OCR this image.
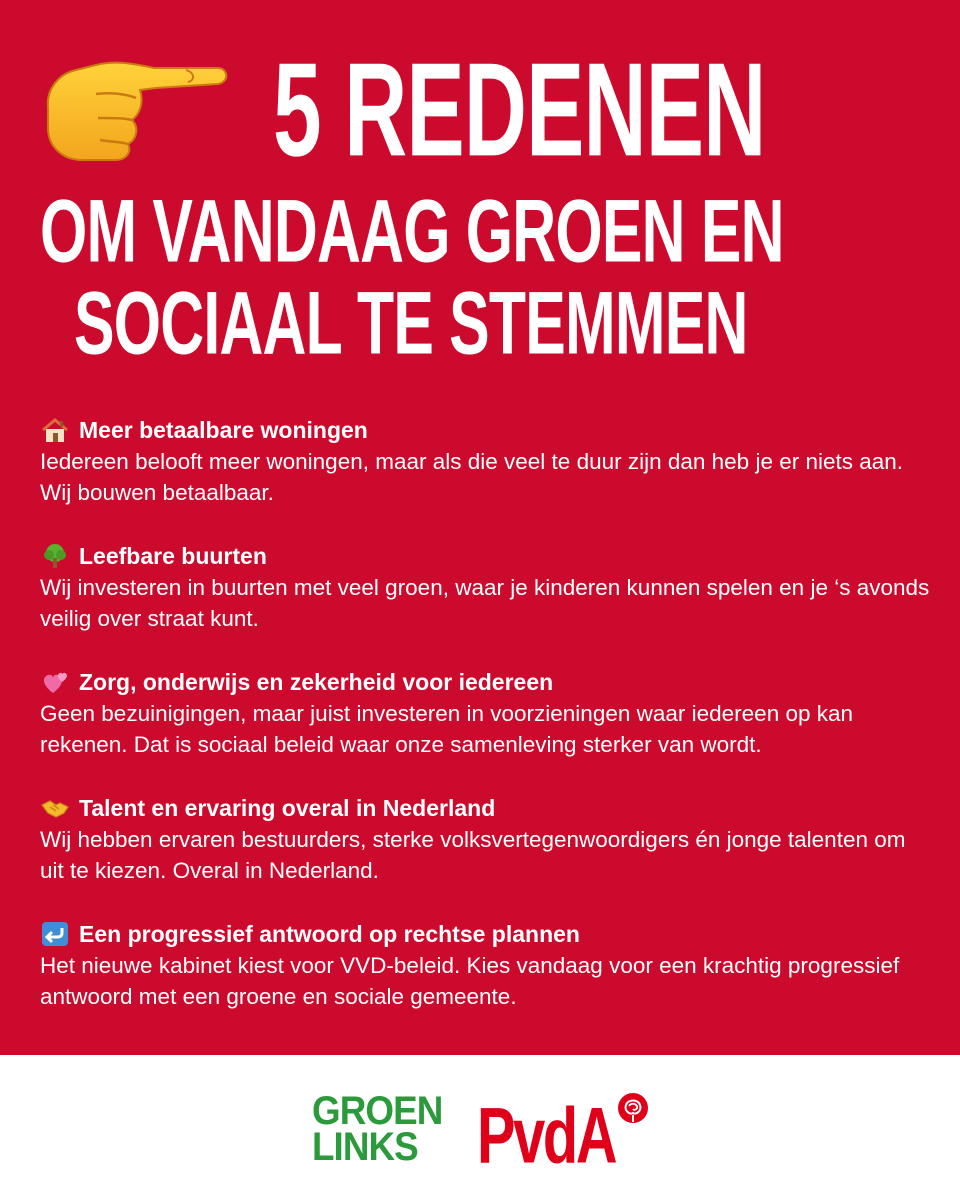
5 REDENEN
OM VANDAAG GROEN EN
SOCIAAL TE STEMMEN
Meer betaalbare woningen
Iedereen belooft meer woningen, maar als die veel te duur zijn dan heb je er niets aan. Wij bouwen betaalbaar.
Leefbare buurten
Wij investeren in buurten met veel groen, waar je kinderen kunnen spelen en je ‘s avonds veilig over straat kunt.
Zorg, onderwijs en zekerheid voor iedereen
Geen bezuinigingen, maar juist investeren in voorzieningen waar iedereen op kan rekenen. Dat is sociaal beleid waar onze samenleving sterker van wordt.
Talent en ervaring overal in Nederland
Wij hebben ervaren bestuurders, sterke volksvertegenwoordigers én jonge talenten om uit te kiezen. Overal in Nederland.
Een progressief antwoord op rechtse plannen
Het nieuwe kabinet kiest voor VVD-beleid. Kies vandaag voor een krachtig progressief antwoord met een groene en sociale gemeente.
GROEN
LINKS PvdA
